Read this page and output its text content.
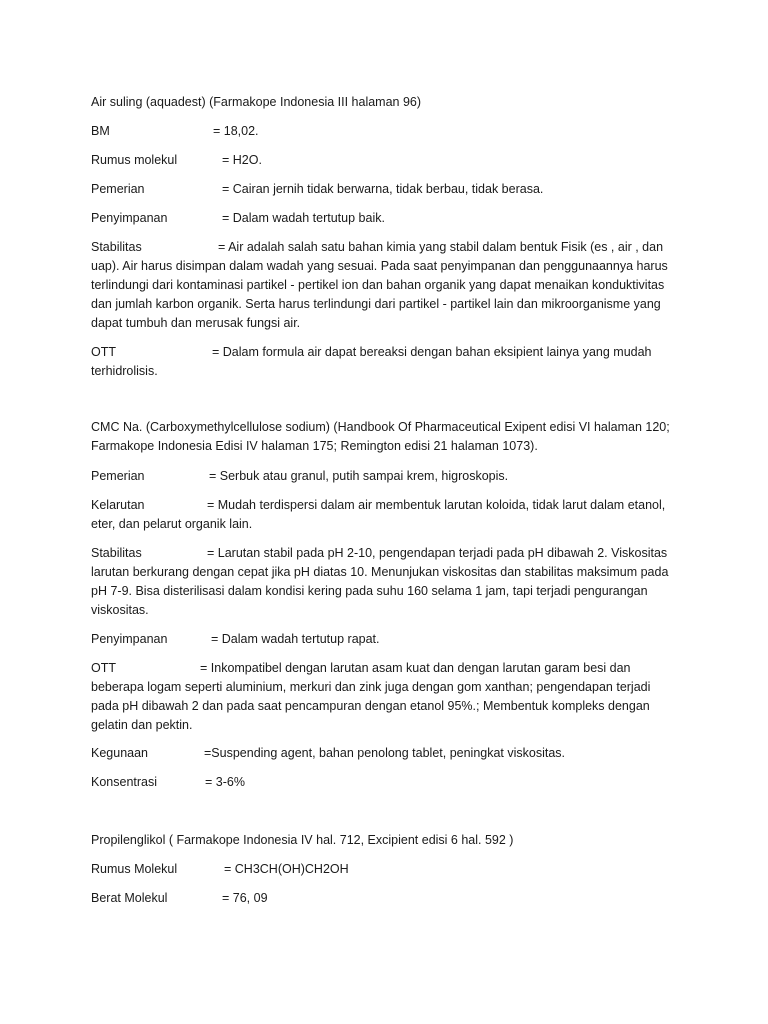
Air suling (aquadest) (Farmakope Indonesia III halaman 96)
BM	= 18,02.
Rumus molekul	= H2O.
Pemerian	= Cairan jernih tidak berwarna, tidak berbau, tidak berasa.
Penyimpanan	= Dalam wadah tertutup baik.
Stabilitas	= Air adalah salah satu bahan kimia yang stabil dalam bentuk Fisik (es , air , dan uap). Air harus disimpan dalam wadah yang sesuai. Pada saat penyimpanan dan penggunaannya harus terlindungi dari kontaminasi partikel - pertikel ion dan bahan organik yang dapat menaikan konduktivitas dan jumlah karbon organik. Serta harus terlindungi dari partikel - partikel lain dan mikroorganisme yang dapat tumbuh dan merusak fungsi air.
OTT	= Dalam formula air dapat bereaksi dengan bahan eksipient lainya yang mudah terhidrolisis.
CMC Na. (Carboxymethylcellulose sodium) (Handbook Of Pharmaceutical Exipent edisi VI halaman 120; Farmakope Indonesia Edisi IV halaman 175; Remington edisi 21 halaman 1073).
Pemerian	= Serbuk atau granul, putih sampai krem, higroskopis.
Kelarutan	= Mudah terdispersi dalam air membentuk larutan koloida, tidak larut dalam etanol, eter, dan pelarut organik lain.
Stabilitas	= Larutan stabil pada pH 2-10, pengendapan terjadi pada pH dibawah 2. Viskositas larutan berkurang dengan cepat jika pH diatas 10. Menunjukan viskositas dan stabilitas maksimum pada pH 7-9. Bisa disterilisasi dalam kondisi kering pada suhu 160 selama 1 jam, tapi terjadi pengurangan viskositas.
Penyimpanan	= Dalam wadah tertutup rapat.
OTT	= Inkompatibel dengan larutan asam kuat dan dengan larutan garam besi dan beberapa logam seperti aluminium, merkuri dan zink juga dengan gom xanthan; pengendapan terjadi pada pH dibawah 2 dan pada saat pencampuran dengan etanol 95%.; Membentuk kompleks dengan gelatin dan pektin.
Kegunaan	=Suspending agent, bahan penolong tablet, peningkat viskositas.
Konsentrasi	= 3-6%
Propilenglikol ( Farmakope Indonesia IV hal. 712, Excipient edisi 6 hal. 592 )
Rumus Molekul	= CH3CH(OH)CH2OH
Berat Molekul	= 76, 09
